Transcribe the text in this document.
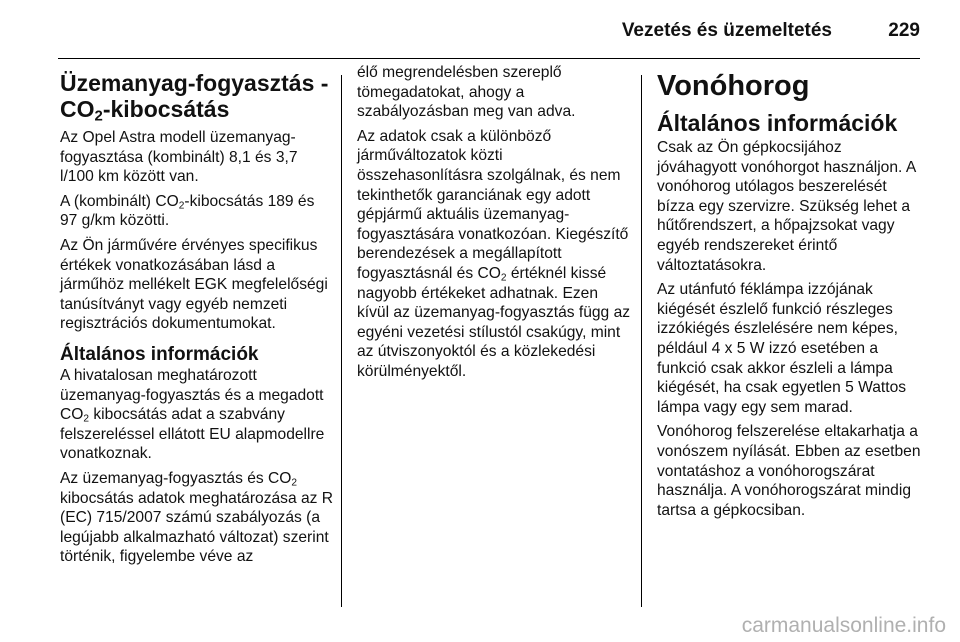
Vezetés és üzemeltetés	229
Üzemanyag-fogyasztás -
$CO_2$-kibocsátás

Az Opel Astra modell üzemanyag-fogyasztása (kombinált) 8,1 és 3,7 l/100 km között van.

A (kombinált) $CO_2$-kibocsátás 189 és 97 g/km közötti.

Az Ön járművére érvényes specifikus értékek vonatkozásában lásd a járműhöz mellékelt EGK megfelelőségi tanúsítványt vagy egyéb nemzeti regisztrációs dokumentumokat.

Általános információk

A hivatalosan meghatározott üzemanyag-fogyasztás és a megadott $CO_2$ kibocsátás adat a szabvány felszereléssel ellátott EU alapmodellre vonatkoznak.

Az üzemanyag-fogyasztás és $CO_2$ kibocsátás adatok meghatározása az R (EC) 715/2007 számú szabályozás (a legújabb alkalmazható változat) szerint történik, figyelembe véve az

élő megrendelésben szereplő tömegadatokat, ahogy a szabályozásban meg van adva.

Az adatok csak a különböző járműváltozatok közti összehasonlításra szolgálnak, és nem tekinthetők garanciának egy adott gépjármű aktuális üzemanyag-fogyasztására vonatkozóan. Kiegészítő berendezések a megállapított fogyasztásnál és $CO_2$ értéknél kissé nagyobb értékeket adhatnak. Ezen kívül az üzemanyag-fogyasztás függ az egyéni vezetési stílustól csakúgy, mint az útviszonyoktól és a közlekedési körülményektől.

Vonóhorog
Általános információk

Csak az Ön gépkocsijához jóváhagyott vonóhorgot használjon. A vonóhorog utólagos beszerelését bízza egy szervizre. Szükség lehet a hűtőrendszert, a hőpajzsokat vagy egyéb rendszereket érintő változtatásokra.

Az utánfutó féklámpa izzójának kiégését észlelő funkció részleges izzókiégés észlelésére nem képes, például 4 x 5 W izzó esetében a funkció csak akkor észleli a lámpa kiégését, ha csak egyetlen 5 Wattos lámpa vagy egy sem marad.

Vonóhorog felszerelése eltakarhatja a vonószem nyílását. Ebben az esetben vontatáshoz a vonóhorogszárat használja. A vonóhorogszárat mindig tartsa a gépkocsiban.

carmanualsonline.info
